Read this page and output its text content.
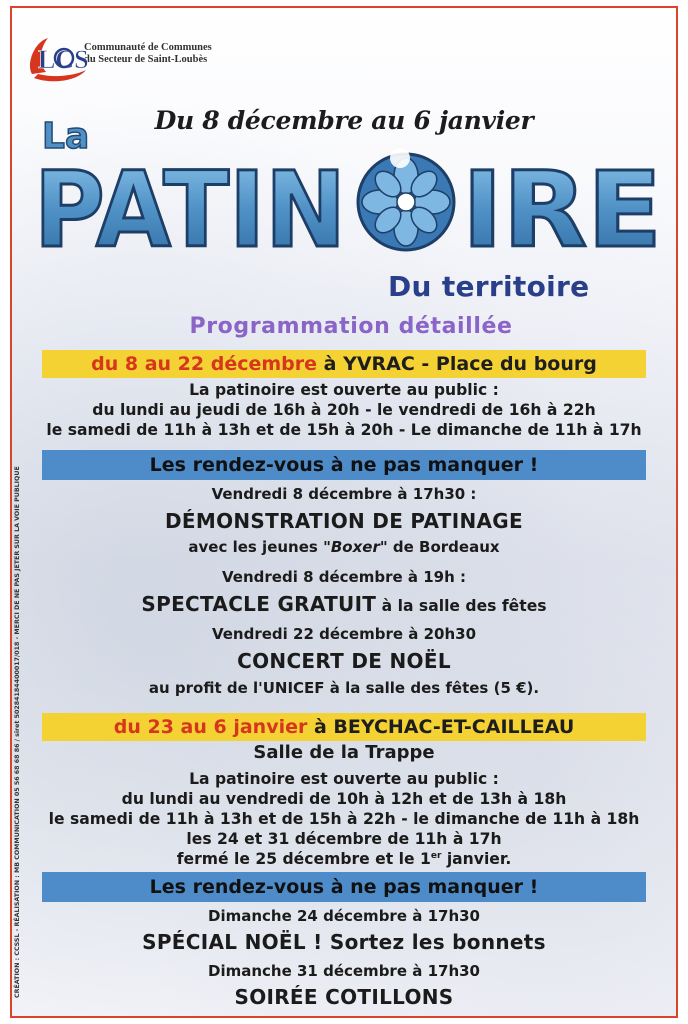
LCS
Communauté de Communes
du Secteur de Saint-Loubès
Du 8 décembre au 6 janvier
La
PATIN IRE
Du territoire
Programmation détaillée
du 8 au 22 décembre à YVRAC - Place du bourg
La patinoire est ouverte au public :
du lundi au jeudi de 16h à 20h - le vendredi de 16h à 22h
le samedi de 11h à 13h et de 15h à 20h - Le dimanche de 11h à 17h
Les rendez-vous à ne pas manquer !
Vendredi 8 décembre à 17h30 :
DÉMONSTRATION DE PATINAGE
avec les jeunes "Boxer" de Bordeaux
Vendredi 8 décembre à 19h :
SPECTACLE GRATUIT à la salle des fêtes
Vendredi 22 décembre à 20h30
CONCERT DE NOËL
au profit de l'UNICEF à la salle des fêtes (5 €).
du 23 au 6 janvier à BEYCHAC-ET-CAILLEAU
Salle de la Trappe
La patinoire est ouverte au public :
du lundi au vendredi de 10h à 12h et de 13h à 18h
le samedi de 11h à 13h et de 15h à 22h - le dimanche de 11h à 18h
les 24 et 31 décembre de 11h à 17h
fermé le 25 décembre et le 1er janvier.
Les rendez-vous à ne pas manquer !
Dimanche 24 décembre à 17h30
SPÉCIAL NOËL ! Sortez les bonnets
Dimanche 31 décembre à 17h30
SOIRÉE COTILLONS
CRÉATION : CCSSL - RÉALISATION : MB COMMUNICATION 05 56 68 68 86 / siret 50284184400017/018 - MERCI DE NE PAS JETER SUR LA VOIE PUBLIQUE
